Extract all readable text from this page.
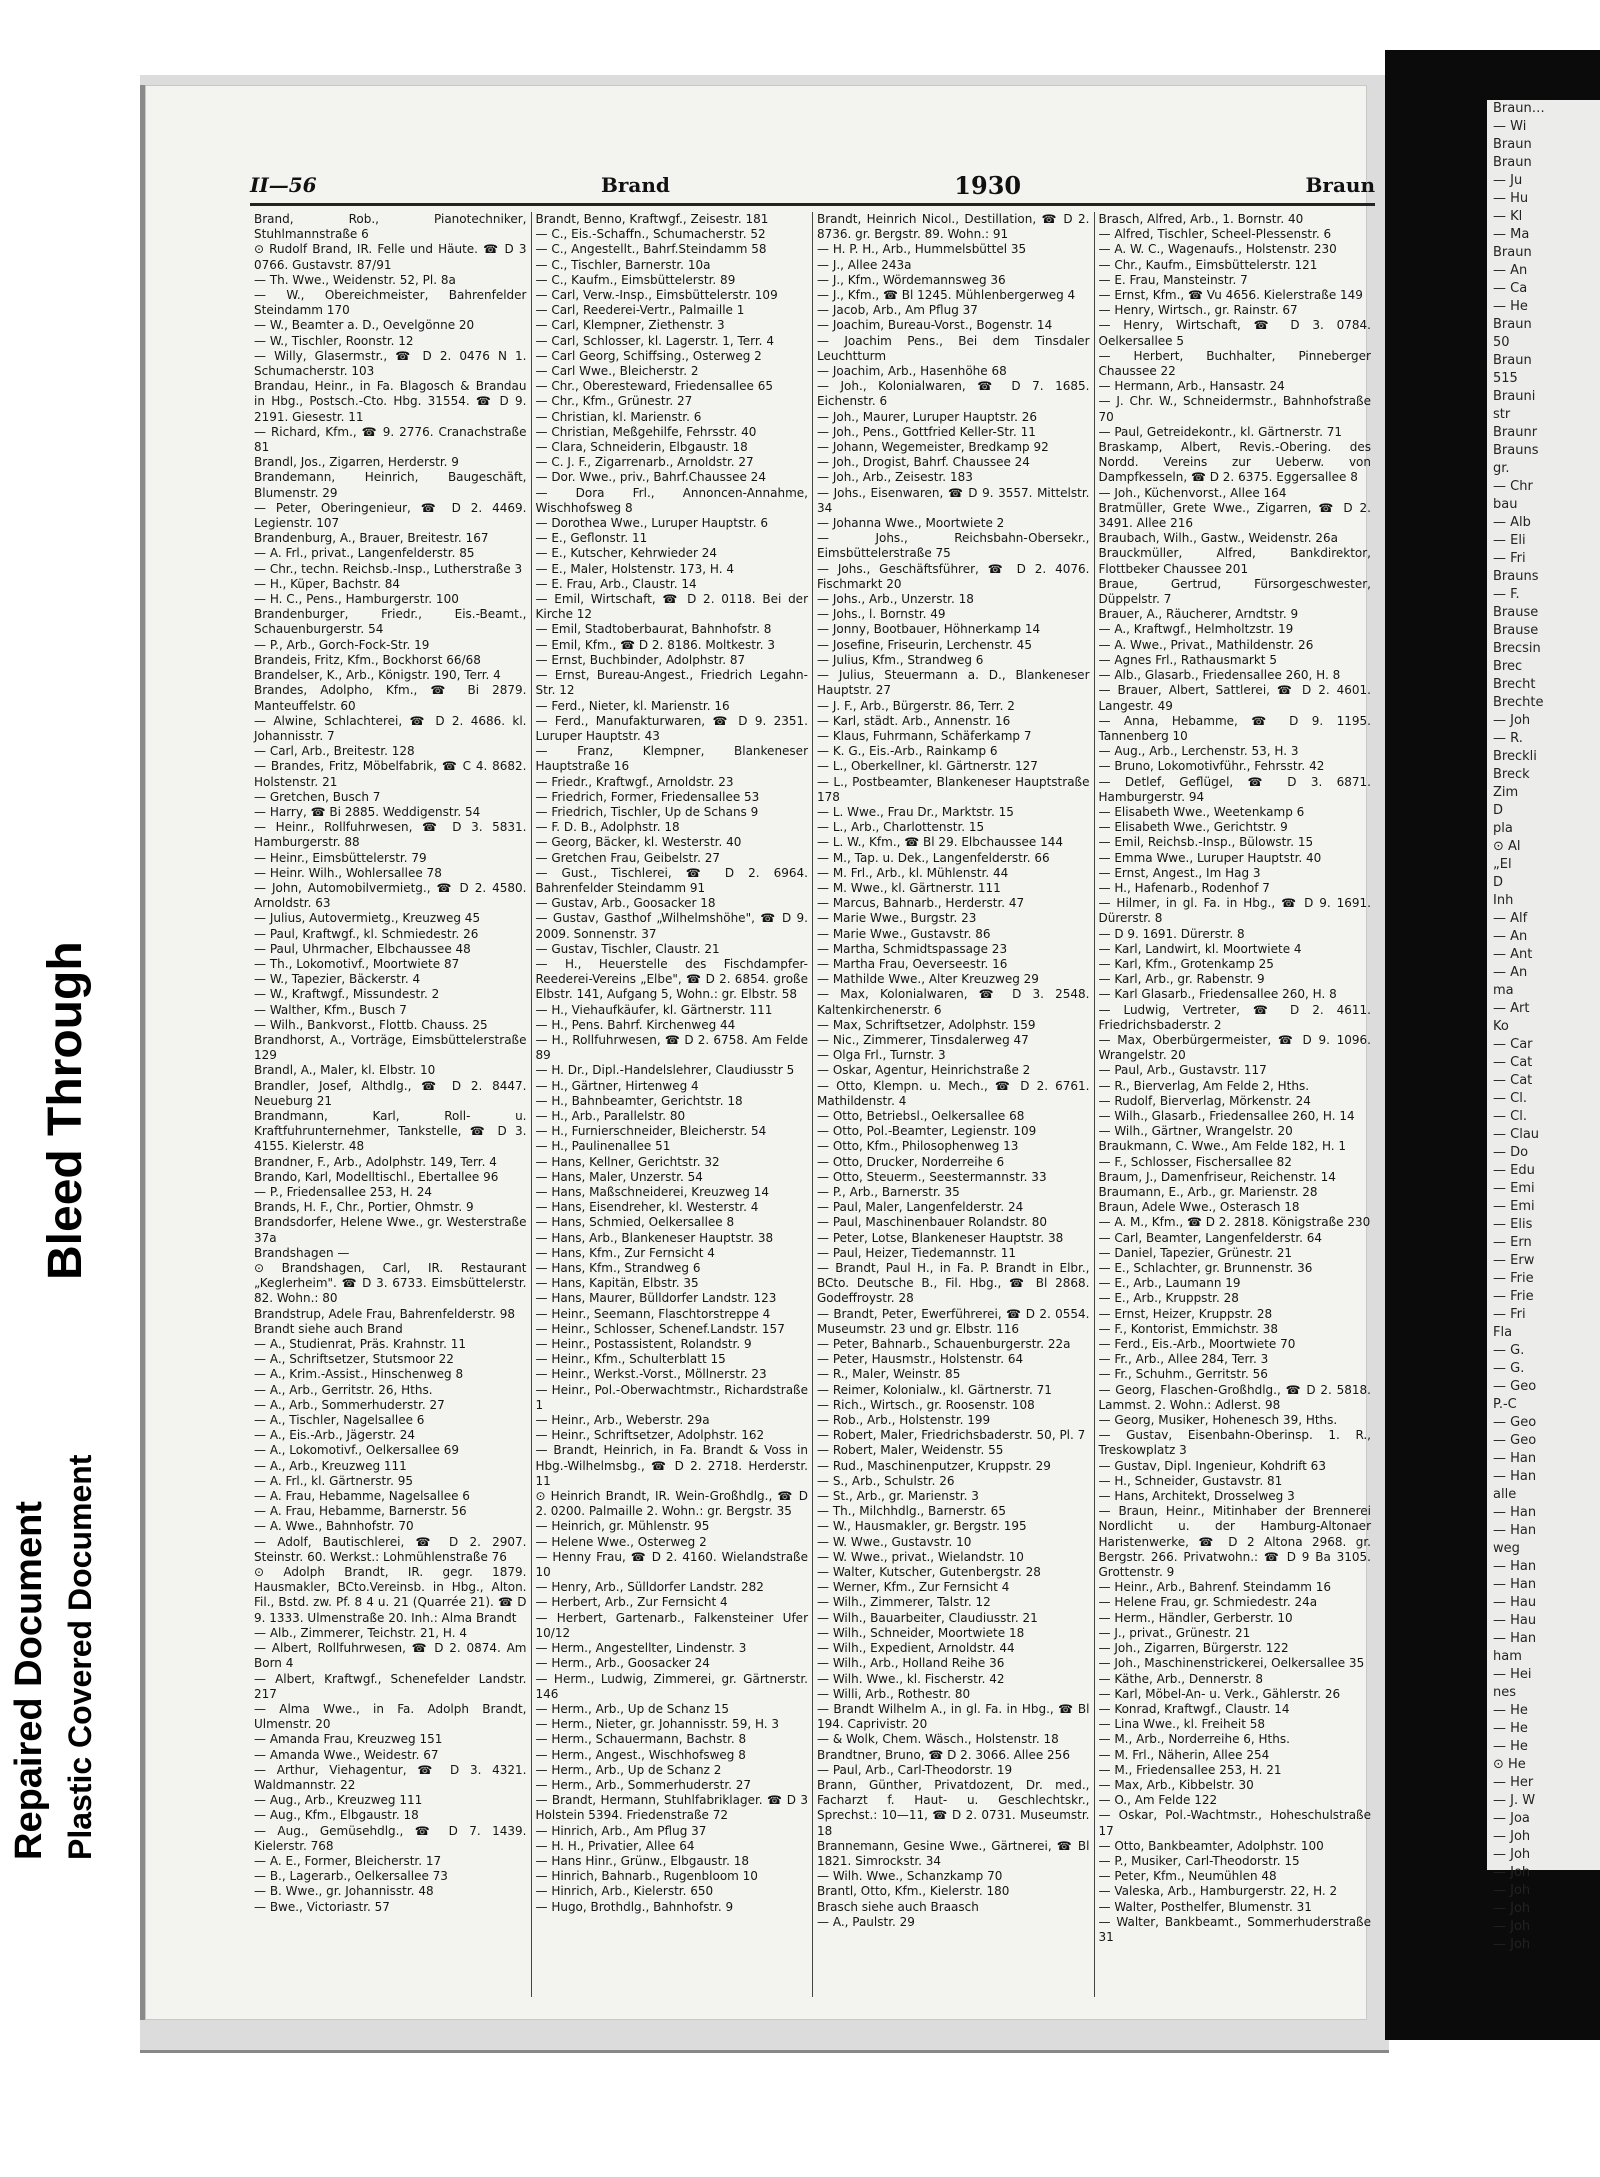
Braun…
— Wi
Braun
Braun
— Ju
— Hu
— Kl
— Ma
Braun
— An
— Ca
— He
Braun
50
Braun
515
Brauni
str
Braunr
Brauns
gr.
— Chr
bau
— Alb
— Eli
— Fri
Brauns
— F.
Brause
Brause
Brecsin
Brec
Brecht
Brechte
— Joh
— R.
Breckli
Breck
Zim
D
pla
⊙ Al
„El
D
Inh
— Alf
— An
— Ant
— An
ma
— Art
Ko
— Car
— Cat
— Cat
— Cl.
— Cl.
— Clau
— Do
— Edu
— Emi
— Emi
— Elis
— Ern
— Erw
— Frie
— Frie
— Fri
Fla
— G.
— G.
— Geo
P.-C
— Geo
— Geo
— Han
— Han
alle
— Han
— Han
weg
— Han
— Han
— Hau
— Hau
— Han
ham
— Hei
nes
— He
— He
— He
⊙ He
— Her
— J. W
— Joa
— Joh
— Joh
— Joh
— Joh
— Joh
— Joh
— Joh
II—56	Brand	1930	Braun

Brand, Rob., Pianotechniker, Stuhlmannstraße 6

⊙ Rudolf Brand, IR. Felle und Häute. ☎ D 3 0766. Gustavstr. 87/91

— Th. Wwe., Weidenstr. 52, Pl. 8a

— W., Obereichmeister, Bahrenfelder Steindamm 170

— W., Beamter a. D., Oevelgönne 20

— W., Tischler, Roonstr. 12

— Willy, Glasermstr., ☎ D 2. 0476 N 1. Schumacherstr. 103

Brandau, Heinr., in Fa. Blagosch & Brandau in Hbg., Postsch.-Cto. Hbg. 31554. ☎ D 9. 2191. Giesestr. 11

— Richard, Kfm., ☎ 9. 2776. Cranachstraße 81

Brandl, Jos., Zigarren, Herderstr. 9

Brandemann, Heinrich, Baugeschäft, Blumenstr. 29

— Peter, Oberingenieur, ☎ D 2. 4469. Legienstr. 107

Brandenburg, A., Brauer, Breitestr. 167

— A. Frl., privat., Langenfelderstr. 85

— Chr., techn. Reichsb.-Insp., Lutherstraße 3

— H., Küper, Bachstr. 84

— H. C., Pens., Hamburgerstr. 100

Brandenburger, Friedr., Eis.-Beamt., Schauenburgerstr. 54

— P., Arb., Gorch-Fock-Str. 19

Brandeis, Fritz, Kfm., Bockhorst 66/68

Brandelser, K., Arb., Königstr. 190, Terr. 4

Brandes, Adolpho, Kfm., ☎ Bi 2879. Manteuffelstr. 60

— Alwine, Schlachterei, ☎ D 2. 4686. kl. Johannisstr. 7

— Carl, Arb., Breitestr. 128

— Brandes, Fritz, Möbelfabrik, ☎ C 4. 8682. Holstenstr. 21

— Gretchen, Busch 7

— Harry, ☎ Bi 2885. Weddigenstr. 54

— Heinr., Rollfuhrwesen, ☎ D 3. 5831. Hamburgerstr. 88

— Heinr., Eimsbüttelerstr. 79

— Heinr. Wilh., Wohlersallee 78

— John, Automobilvermietg., ☎ D 2. 4580. Arnoldstr. 63

— Julius, Autovermietg., Kreuzweg 45

— Paul, Kraftwgf., kl. Schmiedestr. 26

— Paul, Uhrmacher, Elbchaussee 48

— Th., Lokomotivf., Moortwiete 87

— W., Tapezier, Bäckerstr. 4

— W., Kraftwgf., Missundestr. 2

— Walther, Kfm., Busch 7

— Wilh., Bankvorst., Flottb. Chauss. 25

Brandhorst, A., Vorträge, Eimsbüttelerstraße 129

Brandl, A., Maler, kl. Elbstr. 10

Brandler, Josef, Althdlg., ☎ D 2. 8447. Neueburg 21

Brandmann, Karl, Roll- u. Kraftfuhrunternehmer, Tankstelle, ☎ D 3. 4155. Kielerstr. 48

Brandner, F., Arb., Adolphstr. 149, Terr. 4

Brando, Karl, Modelltischl., Ebertallee 96

— P., Friedensallee 253, H. 24

Brands, H. F., Chr., Portier, Ohmstr. 9

Brandsdorfer, Helene Wwe., gr. Westerstraße 37a

Brandshagen —

⊙ Brandshagen, Carl, IR. Restaurant „Keglerheim". ☎ D 3. 6733. Eimsbüttelerstr. 82. Wohn.: 80

Brandstrup, Adele Frau, Bahrenfelderstr. 98

Brandt siehe auch Brand

— A., Studienrat, Präs. Krahnstr. 11

— A., Schriftsetzer, Stutsmoor 22

— A., Krim.-Assist., Hinschenweg 8

— A., Arb., Gerritstr. 26, Hths.

— A., Arb., Sommerhuderstr. 27

— A., Tischler, Nagelsallee 6

— A., Eis.-Arb., Jägerstr. 24

— A., Lokomotivf., Oelkersallee 69

— A., Arb., Kreuzweg 111

— A. Frl., kl. Gärtnerstr. 95

— A. Frau, Hebamme, Nagelsallee 6

— A. Frau, Hebamme, Barnerstr. 56

— A. Wwe., Bahnhofstr. 70

— Adolf, Bautischlerei, ☎ D 2. 2907. Steinstr. 60. Werkst.: Lohmühlenstraße 76

⊙ Adolph Brandt, IR. gegr. 1879. Hausmakler, BCto.Vereinsb. in Hbg., Alton. Fil., Bstd. zw. Pf. 8 4 u. 21 (Quarrée 21). ☎ D 9. 1333. Ulmenstraße 20. Inh.: Alma Brandt

— Alb., Zimmerer, Teichstr. 21, H. 4

— Albert, Rollfuhrwesen, ☎ D 2. 0874. Am Born 4

— Albert, Kraftwgf., Schenefelder Landstr. 217

— Alma Wwe., in Fa. Adolph Brandt, Ulmenstr. 20

— Amanda Frau, Kreuzweg 151

— Amanda Wwe., Weidestr. 67

— Arthur, Viehagentur, ☎ D 3. 4321. Waldmannstr. 22

— Aug., Arb., Kreuzweg 111

— Aug., Kfm., Elbgaustr. 18

— Aug., Gemüsehdlg., ☎ D 7. 1439. Kielerstr. 768

— A. E., Former, Bleicherstr. 17

— B., Lagerarb., Oelkersallee 73

— B. Wwe., gr. Johannisstr. 48

— Bwe., Victoriastr. 57

Brandt, Benno, Kraftwgf., Zeisestr. 181

— C., Eis.-Schaffn., Schumacherstr. 52

— C., Angestellt., Bahrf.Steindamm 58

— C., Tischler, Barnerstr. 10a

— C., Kaufm., Eimsbüttelerstr. 89

— Carl, Verw.-Insp., Eimsbüttelerstr. 109

— Carl, Reederei-Vertr., Palmaille 1

— Carl, Klempner, Ziethenstr. 3

— Carl, Schlosser, kl. Lagerstr. 1, Terr. 4

— Carl Georg, Schiffsing., Osterweg 2

— Carl Wwe., Bleicherstr. 2

— Chr., Oberesteward, Friedensallee 65

— Chr., Kfm., Grünestr. 27

— Christian, kl. Marienstr. 6

— Christian, Meßgehilfe, Fehrsstr. 40

— Clara, Schneiderin, Elbgaustr. 18

— C. J. F., Zigarrenarb., Arnoldstr. 27

— Dor. Wwe., priv., Bahrf.Chaussee 24

— Dora Frl., Annoncen-Annahme, Wischhofsweg 8

— Dorothea Wwe., Luruper Hauptstr. 6

— E., Geflonstr. 11

— E., Kutscher, Kehrwieder 24

— E., Maler, Holstenstr. 173, H. 4

— E. Frau, Arb., Claustr. 14

— Emil, Wirtschaft, ☎ D 2. 0118. Bei der Kirche 12

— Emil, Stadtoberbaurat, Bahnhofstr. 8

— Emil, Kfm., ☎ D 2. 8186. Moltkestr. 3

— Ernst, Buchbinder, Adolphstr. 87

— Ernst, Bureau-Angest., Friedrich Legahn-Str. 12

— Ferd., Nieter, kl. Marienstr. 16

— Ferd., Manufakturwaren, ☎ D 9. 2351. Luruper Hauptstr. 43

— Franz, Klempner, Blankeneser Hauptstraße 16

— Friedr., Kraftwgf., Arnoldstr. 23

— Friedrich, Former, Friedensallee 53

— Friedrich, Tischler, Up de Schans 9

— F. D. B., Adolphstr. 18

— Georg, Bäcker, kl. Westerstr. 40

— Gretchen Frau, Geibelstr. 27

— Gust., Tischlerei, ☎ D 2. 6964. Bahrenfelder Steindamm 91

— Gustav, Arb., Goosacker 18

— Gustav, Gasthof „Wilhelmshöhe", ☎ D 9. 2009. Sonnenstr. 37

— Gustav, Tischler, Claustr. 21

— H., Heuerstelle des Fischdampfer-Reederei-Vereins „Elbe", ☎ D 2. 6854. große Elbstr. 141, Aufgang 5, Wohn.: gr. Elbstr. 58

— H., Viehaufkäufer, kl. Gärtnerstr. 111

— H., Pens. Bahrf. Kirchenweg 44

— H., Rollfuhrwesen, ☎ D 2. 6758. Am Felde 89

— H. Dr., Dipl.-Handelslehrer, Claudiusstr 5

— H., Gärtner, Hirtenweg 4

— H., Bahnbeamter, Gerichtstr. 18

— H., Arb., Parallelstr. 80

— H., Furnierschneider, Bleicherstr. 54

— H., Paulinenallee 51

— Hans, Kellner, Gerichtstr. 32

— Hans, Maler, Unzerstr. 54

— Hans, Maßschneiderei, Kreuzweg 14

— Hans, Eisendreher, kl. Westerstr. 4

— Hans, Schmied, Oelkersallee 8

— Hans, Arb., Blankeneser Hauptstr. 38

— Hans, Kfm., Zur Fernsicht 4

— Hans, Kfm., Strandweg 6

— Hans, Kapitän, Elbstr. 35

— Hans, Maurer, Bülldorfer Landstr. 123

— Heinr., Seemann, Flaschtorstreppe 4

— Heinr., Schlosser, Schenef.Landstr. 157

— Heinr., Postassistent, Rolandstr. 9

— Heinr., Kfm., Schulterblatt 15

— Heinr., Werkst.-Vorst., Möllnerstr. 23

— Heinr., Pol.-Oberwachtmstr., Richardstraße 1

— Heinr., Arb., Weberstr. 29a

— Heinr., Schriftsetzer, Adolphstr. 162

— Brandt, Heinrich, in Fa. Brandt & Voss in Hbg.-Wilhelmsbg., ☎ D 2. 2718. Herderstr. 11

⊙ Heinrich Brandt, IR. Wein-Großhdlg., ☎ D 2. 0200. Palmaille 2. Wohn.: gr. Bergstr. 35

— Heinrich, gr. Mühlenstr. 95

— Helene Wwe., Osterweg 2

— Henny Frau, ☎ D 2. 4160. Wielandstraße 10

— Henry, Arb., Sülldorfer Landstr. 282

— Herbert, Arb., Zur Fernsicht 4

— Herbert, Gartenarb., Falkensteiner Ufer 10/12

— Herm., Angestellter, Lindenstr. 3

— Herm., Arb., Goosacker 24

— Herm., Ludwig, Zimmerei, gr. Gärtnerstr. 146

— Herm., Arb., Up de Schanz 15

— Herm., Nieter, gr. Johannisstr. 59, H. 3

— Herm., Schauermann, Bachstr. 8

— Herm., Angest., Wischhofsweg 8

— Herm., Arb., Up de Schanz 2

— Herm., Arb., Sommerhuderstr. 27

— Brandt, Hermann, Stuhlfabriklager. ☎ D 3 Holstein 5394. Friedenstraße 72

— Hinrich, Arb., Am Pflug 37

— H. H., Privatier, Allee 64

— Hans Hinr., Grünw., Elbgaustr. 18

— Hinrich, Bahnarb., Rugenbloom 10

— Hinrich, Arb., Kielerstr. 650

— Hugo, Brothdlg., Bahnhofstr. 9

Brandt, Heinrich Nicol., Destillation, ☎ D 2. 8736. gr. Bergstr. 89. Wohn.: 91

— H. P. H., Arb., Hummelsbüttel 35

— J., Allee 243a

— J., Kfm., Wördemannsweg 36

— J., Kfm., ☎ Bl 1245. Mühlenbergerweg 4

— Jacob, Arb., Am Pflug 37

— Joachim, Bureau-Vorst., Bogenstr. 14

— Joachim Pens., Bei dem Tinsdaler Leuchtturm

— Joachim, Arb., Hasenhöhe 68

— Joh., Kolonialwaren, ☎ D 7. 1685. Eichenstr. 6

— Joh., Maurer, Luruper Hauptstr. 26

— Joh., Pens., Gottfried Keller-Str. 11

— Johann, Wegemeister, Bredkamp 92

— Joh., Drogist, Bahrf. Chaussee 24

— Joh., Arb., Zeisestr. 183

— Johs., Eisenwaren, ☎ D 9. 3557. Mittelstr. 34

— Johanna Wwe., Moortwiete 2

— Johs., Reichsbahn-Obersekr., Eimsbüttelerstraße 75

— Johs., Geschäftsführer, ☎ D 2. 4076. Fischmarkt 20

— Johs., Arb., Unzerstr. 18

— Johs., l. Bornstr. 49

— Jonny, Bootbauer, Höhnerkamp 14

— Josefine, Friseurin, Lerchenstr. 45

— Julius, Kfm., Strandweg 6

— Julius, Steuermann a. D., Blankeneser Hauptstr. 27

— J. F., Arb., Bürgerstr. 86, Terr. 2

— Karl, städt. Arb., Annenstr. 16

— Klaus, Fuhrmann, Schäferkamp 7

— K. G., Eis.-Arb., Rainkamp 6

— L., Oberkellner, kl. Gärtnerstr. 127

— L., Postbeamter, Blankeneser Hauptstraße 178

— L. Wwe., Frau Dr., Marktstr. 15

— L., Arb., Charlottenstr. 15

— L. W., Kfm., ☎ Bl 29. Elbchaussee 144

— M., Tap. u. Dek., Langenfelderstr. 66

— M. Frl., Arb., kl. Mühlenstr. 44

— M. Wwe., kl. Gärtnerstr. 111

— Marcus, Bahnarb., Herderstr. 47

— Marie Wwe., Burgstr. 23

— Marie Wwe., Gustavstr. 86

— Martha, Schmidtspassage 23

— Martha Frau, Oeverseestr. 16

— Mathilde Wwe., Alter Kreuzweg 29

— Max, Kolonialwaren, ☎ D 3. 2548. Kaltenkirchenerstr. 6

— Max, Schriftsetzer, Adolphstr. 159

— Nic., Zimmerer, Tinsdalerweg 47

— Olga Frl., Turnstr. 3

— Oskar, Agentur, Heinrichstraße 2

— Otto, Klempn. u. Mech., ☎ D 2. 6761. Mathildenstr. 4

— Otto, Betriebsl., Oelkersallee 68

— Otto, Pol.-Beamter, Legienstr. 109

— Otto, Kfm., Philosophenweg 13

— Otto, Drucker, Norderreihe 6

— Otto, Steuerm., Seestermannstr. 33

— P., Arb., Barnerstr. 35

— Paul, Maler, Langenfelderstr. 24

— Paul, Maschinenbauer Rolandstr. 80

— Peter, Lotse, Blankeneser Hauptstr. 38

— Paul, Heizer, Tiedemannstr. 11

— Brandt, Paul H., in Fa. P. Brandt in Elbr., BCto. Deutsche B., Fil. Hbg., ☎ Bl 2868. Godeffroystr. 28

— Brandt, Peter, Ewerführerei, ☎ D 2. 0554. Museumstr. 23 und gr. Elbstr. 116

— Peter, Bahnarb., Schauenburgerstr. 22a

— Peter, Hausmstr., Holstenstr. 64

— R., Maler, Weinstr. 85

— Reimer, Kolonialw., kl. Gärtnerstr. 71

— Rich., Wirtsch., gr. Roosenstr. 108

— Rob., Arb., Holstenstr. 199

— Robert, Maler, Friedrichsbaderstr. 50, Pl. 7

— Robert, Maler, Weidenstr. 55

— Rud., Maschinenputzer, Kruppstr. 29

— S., Arb., Schulstr. 26

— St., Arb., gr. Marienstr. 3

— Th., Milchhdlg., Barnerstr. 65

— W., Hausmakler, gr. Bergstr. 195

— W. Wwe., Gustavstr. 10

— W. Wwe., privat., Wielandstr. 10

— Walter, Kutscher, Gutenbergstr. 28

— Werner, Kfm., Zur Fernsicht 4

— Wilh., Zimmerer, Talstr. 12

— Wilh., Bauarbeiter, Claudiusstr. 21

— Wilh., Schneider, Moortwiete 18

— Wilh., Expedient, Arnoldstr. 44

— Wilh., Arb., Holland Reihe 36

— Wilh. Wwe., kl. Fischerstr. 42

— Willi, Arb., Rothestr. 80

— Brandt Wilhelm A., in gl. Fa. in Hbg., ☎ Bl 194. Caprivistr. 20

— & Wolk, Chem. Wäsch., Holstenstr. 18

Brandtner, Bruno, ☎ D 2. 3066. Allee 256

— Paul, Arb., Carl-Theodorstr. 19

Brann, Günther, Privatdozent, Dr. med., Facharzt f. Haut- u. Geschlechtskr., Sprechst.: 10—11, ☎ D 2. 0731. Museumstr. 18

Brannemann, Gesine Wwe., Gärtnerei, ☎ Bl 1821. Simrockstr. 34

— Wilh. Wwe., Schanzkamp 70

Brantl, Otto, Kfm., Kielerstr. 180

Brasch siehe auch Braasch

— A., Paulstr. 29

Brasch, Alfred, Arb., 1. Bornstr. 40

— Alfred, Tischler, Scheel-Plessenstr. 6

— A. W. C., Wagenaufs., Holstenstr. 230

— Chr., Kaufm., Eimsbüttelerstr. 121

— E. Frau, Mansteinstr. 7

— Ernst, Kfm., ☎ Vu 4656. Kielerstraße 149

— Henry, Wirtsch., gr. Rainstr. 67

— Henry, Wirtschaft, ☎ D 3. 0784. Oelkersallee 5

— Herbert, Buchhalter, Pinneberger Chaussee 22

— Hermann, Arb., Hansastr. 24

— J. Chr. W., Schneidermstr., Bahnhofstraße 70

— Paul, Getreidekontr., kl. Gärtnerstr. 71

Braskamp, Albert, Revis.-Obering. des Nordd. Vereins zur Ueberw. von Dampfkesseln, ☎ D 2. 6375. Eggersallee 8

— Joh., Küchenvorst., Allee 164

Bratmüller, Grete Wwe., Zigarren, ☎ D 2. 3491. Allee 216

Braubach, Wilh., Gastw., Weidenstr. 26a

Brauckmüller, Alfred, Bankdirektor, Flottbeker Chaussee 201

Braue, Gertrud, Fürsorgeschwester, Düppelstr. 7

Brauer, A., Räucherer, Arndtstr. 9

— A., Kraftwgf., Helmholtzstr. 19

— A. Wwe., Privat., Mathildenstr. 26

— Agnes Frl., Rathausmarkt 5

— Alb., Glasarb., Friedensallee 260, H. 8

— Brauer, Albert, Sattlerei, ☎ D 2. 4601. Langestr. 49

— Anna, Hebamme, ☎ D 9. 1195. Tannenberg 10

— Aug., Arb., Lerchenstr. 53, H. 3

— Bruno, Lokomotivführ., Fehrsstr. 42

— Detlef, Geflügel, ☎ D 3. 6871. Hamburgerstr. 94

— Elisabeth Wwe., Weetenkamp 6

— Elisabeth Wwe., Gerichtstr. 9

— Emil, Reichsb.-Insp., Bülowstr. 15

— Emma Wwe., Luruper Hauptstr. 40

— Ernst, Angest., Im Hag 3

— H., Hafenarb., Rodenhof 7

— Hilmer, in gl. Fa. in Hbg., ☎ D 9. 1691. Dürerstr. 8

— D 9. 1691. Dürerstr. 8

— Karl, Landwirt, kl. Moortwiete 4

— Karl, Kfm., Grotenkamp 25

— Karl, Arb., gr. Rabenstr. 9

— Karl Glasarb., Friedensallee 260, H. 8

— Ludwig, Vertreter, ☎ D 2. 4611. Friedrichsbaderstr. 2

— Max, Oberbürgermeister, ☎ D 9. 1096. Wrangelstr. 20

— Paul, Arb., Gustavstr. 117

— R., Bierverlag, Am Felde 2, Hths.

— Rudolf, Bierverlag, Mörkenstr. 24

— Wilh., Glasarb., Friedensallee 260, H. 14

— Wilh., Gärtner, Wrangelstr. 20

Braukmann, C. Wwe., Am Felde 182, H. 1

— F., Schlosser, Fischersallee 82

Braum, J., Damenfriseur, Reichenstr. 14

Braumann, E., Arb., gr. Marienstr. 28

Braun, Adele Wwe., Osterasch 18

— A. M., Kfm., ☎ D 2. 2818. Königstraße 230

— Carl, Beamter, Langenfelderstr. 64

— Daniel, Tapezier, Grünestr. 21

— E., Schlachter, gr. Brunnenstr. 36

— E., Arb., Laumann 19

— E., Arb., Kruppstr. 28

— Ernst, Heizer, Kruppstr. 28

— F., Kontorist, Emmichstr. 38

— Ferd., Eis.-Arb., Moortwiete 70

— Fr., Arb., Allee 284, Terr. 3

— Fr., Schuhm., Gerritstr. 56

— Georg, Flaschen-Großhdlg., ☎ D 2. 5818. Lammst. 2. Wohn.: Adlerst. 98

— Georg, Musiker, Hohenesch 39, Hths.

— Gustav, Eisenbahn-Oberinsp. 1. R., Treskowplatz 3

— Gustav, Dipl. Ingenieur, Kohdrift 63

— H., Schneider, Gustavstr. 81

— Hans, Architekt, Drosselweg 3

— Braun, Heinr., Mitinhaber der Brennerei Nordlicht u. der Hamburg-Altonaer Haristenwerke, ☎ D 2 Altona 2968. gr. Bergstr. 266. Privatwohn.: ☎ D 9 Ba 3105. Grottenstr. 9

— Heinr., Arb., Bahrenf. Steindamm 16

— Helene Frau, gr. Schmiedestr. 24a

— Herm., Händler, Gerberstr. 10

— J., privat., Grünestr. 21

— Joh., Zigarren, Bürgerstr. 122

— Joh., Maschinenstrickerei, Oelkersallee 35

— Käthe, Arb., Dennerstr. 8

— Karl, Möbel-An- u. Verk., Gählerstr. 26

— Konrad, Kraftwgf., Claustr. 14

— Lina Wwe., kl. Freiheit 58

— M., Arb., Norderreihe 6, Hths.

— M. Frl., Näherin, Allee 254

— M., Friedensallee 253, H. 21

— Max, Arb., Kibbelstr. 30

— O., Am Felde 122

— Oskar, Pol.-Wachtmstr., Hoheschulstraße 17

— Otto, Bankbeamter, Adolphstr. 100

— P., Musiker, Carl-Theodorstr. 15

— Peter, Kfm., Neumühlen 48

— Valeska, Arb., Hamburgerstr. 22, H. 2

— Walter, Posthelfer, Blumenstr. 31

— Walter, Bankbeamt., Sommerhuderstraße 31

Bleed Through
Repaired Document Plastic Covered Document
